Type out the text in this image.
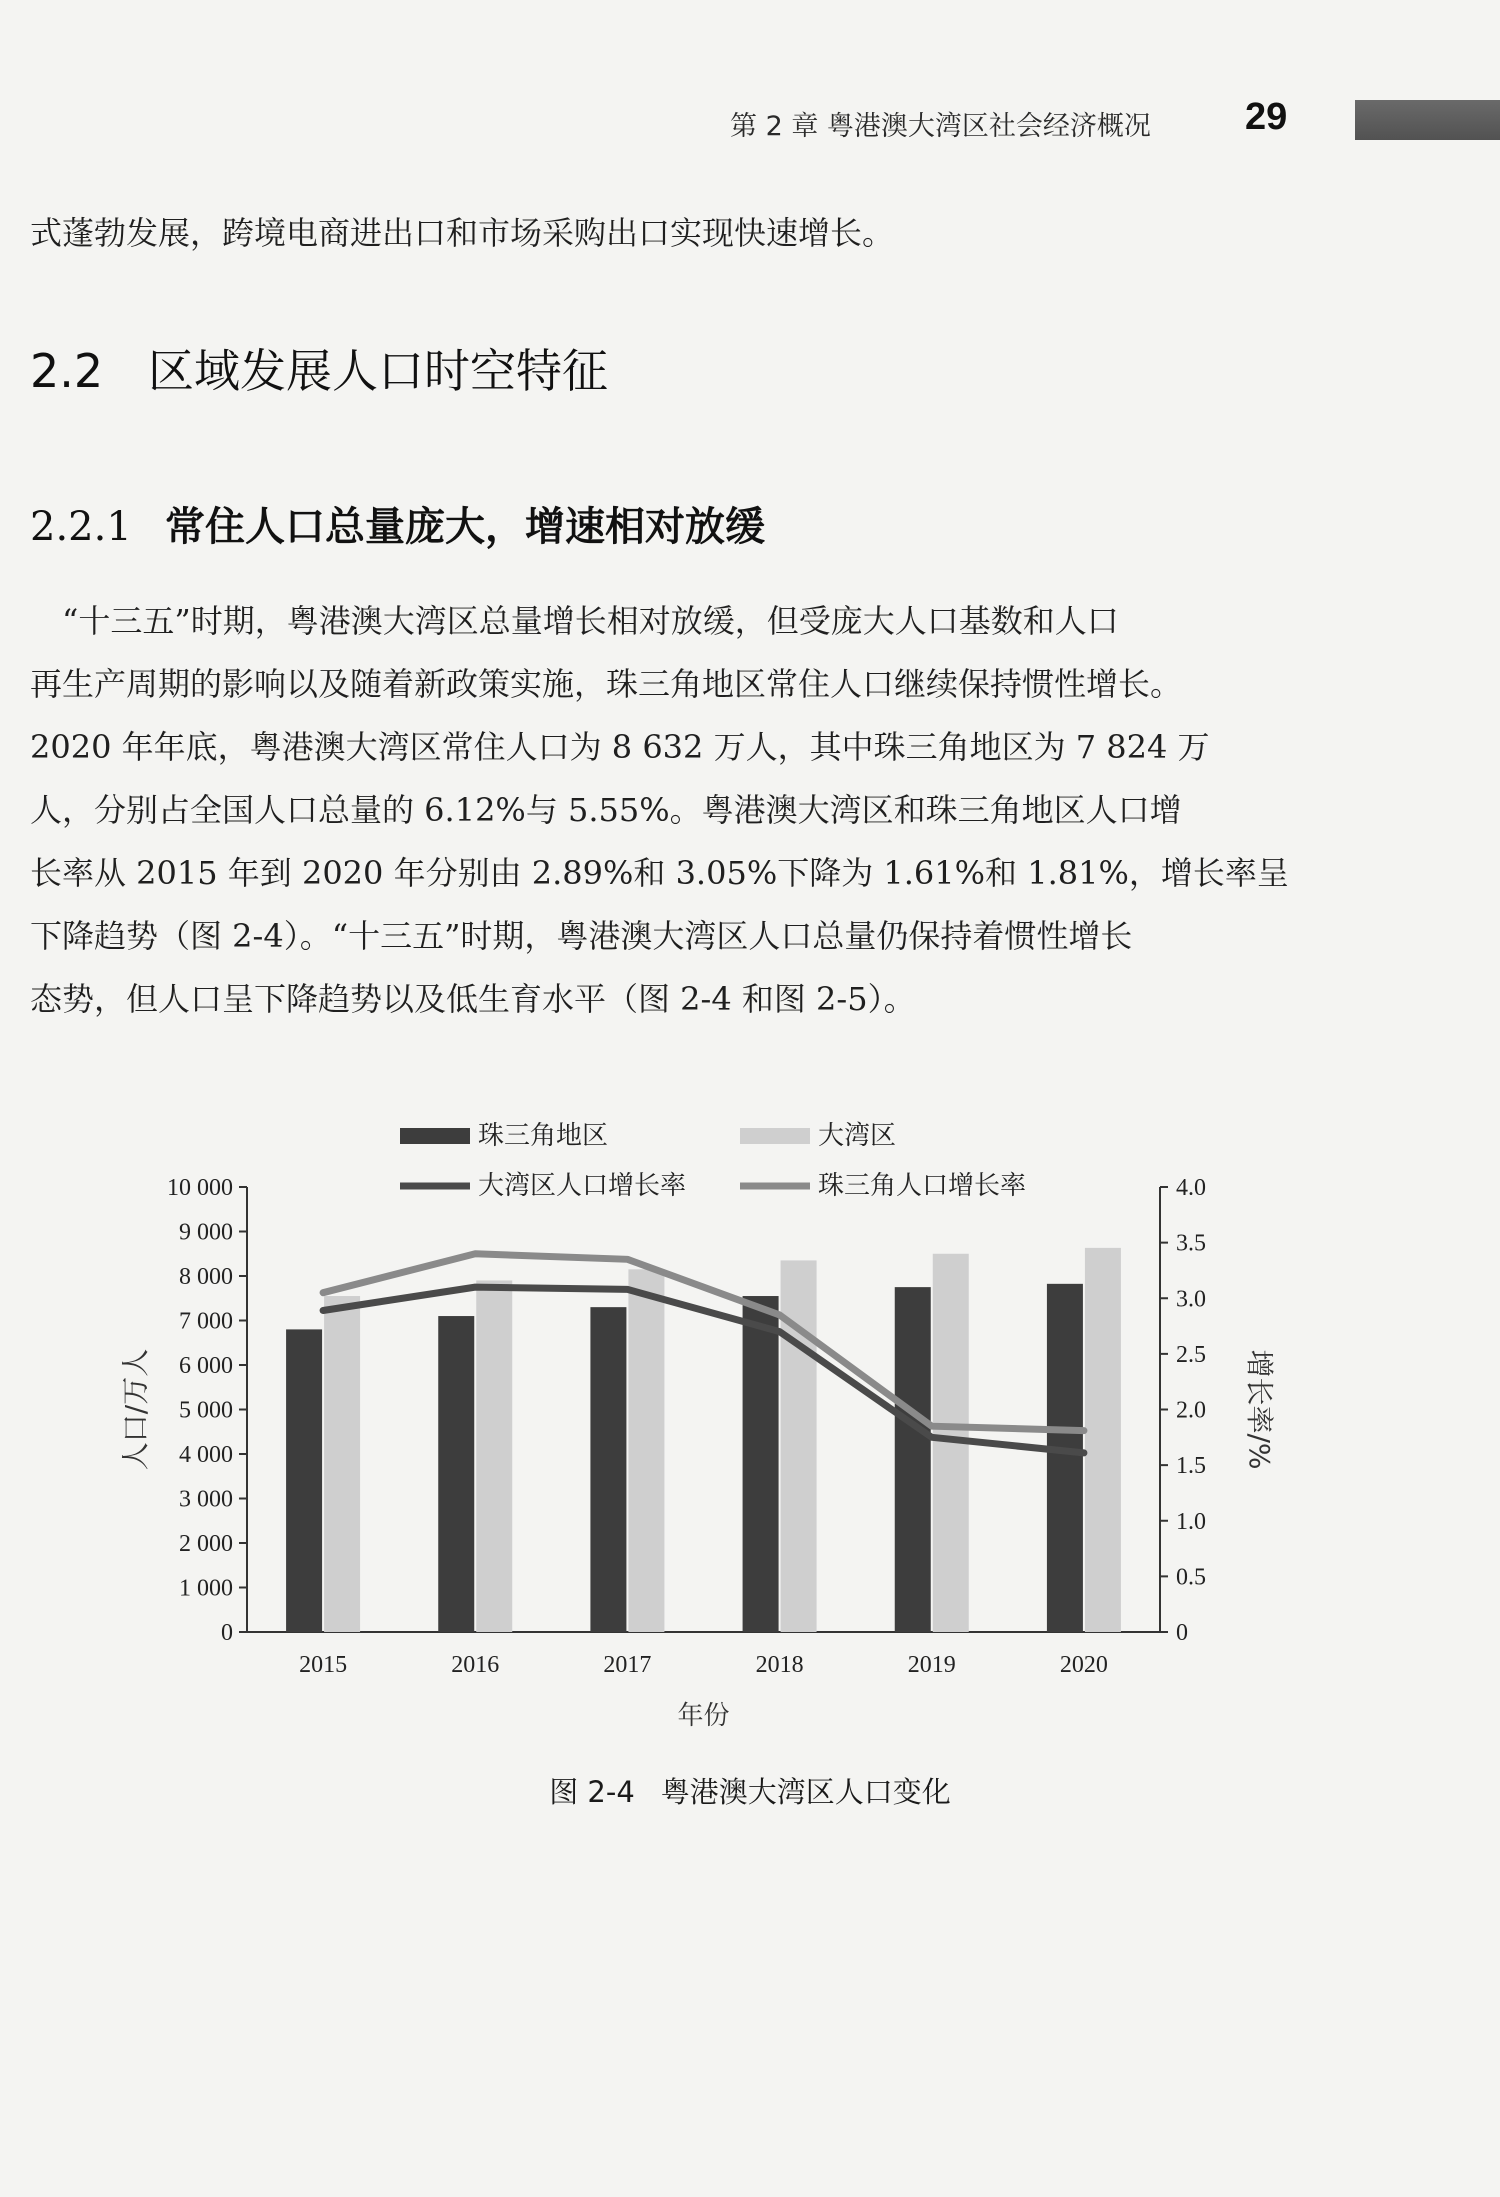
第 2 章 粤港澳大湾区社会经济概况 29
式蓬勃发展，跨境电商进出口和市场采购出口实现快速增长。
2.2 区域发展人口时空特征
2.2.1 常住人口总量庞大，增速相对放缓

　“十三五”时期，粤港澳大湾区总量增长相对放缓，但受庞大人口基数和人口

再生产周期的影响以及随着新政策实施，珠三角地区常住人口继续保持惯性增长。

2020 年年底，粤港澳大湾区常住人口为 8 632 万人，其中珠三角地区为 7 824 万

人，分别占全国人口总量的 6.12%与 5.55%。粤港澳大湾区和珠三角地区人口增

长率从 2015 年到 2020 年分别由 2.89%和 3.05%下降为 1.61%和 1.81%，增长率呈

下降趋势（图 2-4）。“十三五”时期，粤港澳大湾区人口总量仍保持着惯性增长

态势，但人口呈下降趋势以及低生育水平（图 2-4 和图 2-5）。

0
1 000
2 000
3 000
4 000
5 000
6 000
7 000
8 000
9 000
10 000
0
0.5
1.0
1.5
2.0
2.5
3.0
3.5
4.0
2015	2016	2017	2018	2019	2020
年份
人口/万人	增长率/%
珠三角地区	大湾区
大湾区人口增长率	珠三角人口增长率
图 2-4 粤港澳大湾区人口变化
